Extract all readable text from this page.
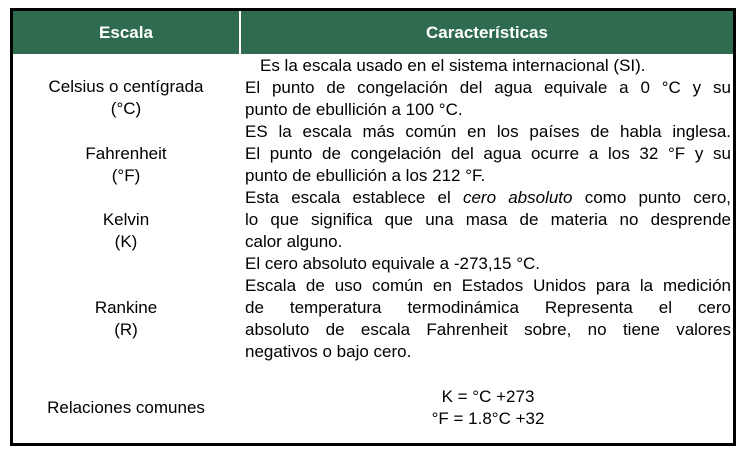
Escala	Características
Celsius o centígrada
(°C)
Es la escala usado en el sistema internacional (SI).
El punto de congelación del agua equivale a 0 °C y su
punto de ebullición a 100 °C.
Fahrenheit
(°F)
ES la escala más común en los países de habla inglesa.
El punto de congelación del agua ocurre a los 32 °F y su
punto de ebullición a los 212 °F.
Kelvin
(K)
Esta escala establece el cero absoluto como punto cero,
lo que significa que una masa de materia no desprende
calor alguno.
El cero absoluto equivale a -273,15 °C.
Rankine
(R)
Escala de uso común en Estados Unidos para la medición
de temperatura termodinámica Representa el cero
absoluto de escala Fahrenheit sobre, no tiene valores
negativos o bajo cero.
Relaciones comunes
K = °C +273
°F = 1.8°C +32
